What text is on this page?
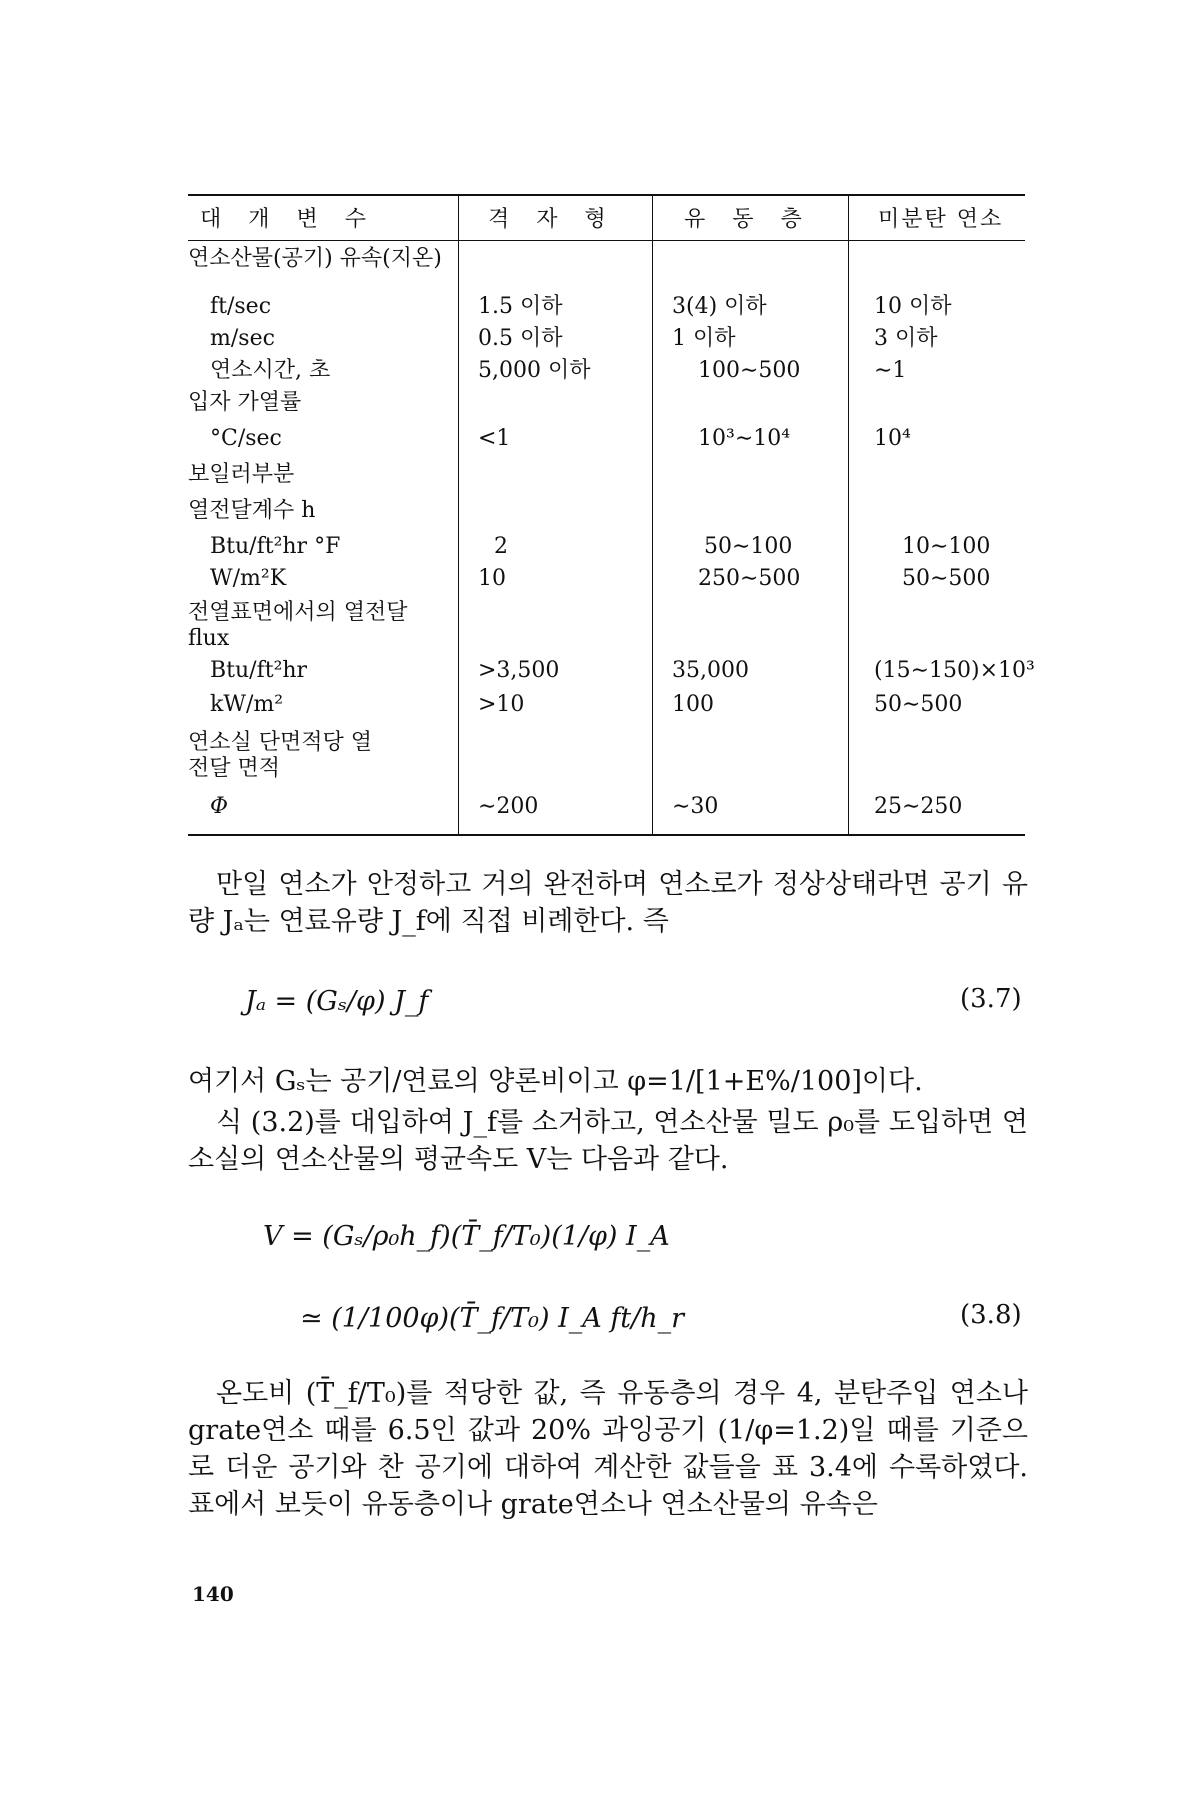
대 개 변 수	격 자 형	유 동 층	미분탄 연소
연소산물(공기) 유속(지온)
ft/sec	1.5 이하	3(4) 이하	10 이하
m/sec	0.5 이하	1 이하	3 이하
연소시간, 초	5,000 이하	100∼500	∼1
입자 가열률
°C/sec	<1	10³∼10⁴	10⁴
보일러부분
열전달계수 h
Btu/ft²hr °F	2	50∼100	10∼100
W/m²K	10	250∼500	50∼500
전열표면에서의 열전달 flux
Btu/ft²hr	>3,500	35,000	(15∼150)×10³
kW/m²	>10	100	50∼500
연소실 단면적당 열전달 면적
Φ	∼200	∼30	25∼250
만일 연소가 안정하고 거의 완전하며 연소로가 정상상태라면 공기 유량 Jₐ는 연료유량 J_f에 직접 비례한다. 즉
Jₐ = (Gₛ/φ) J_f	(3.7)
여기서 Gₛ는 공기/연료의 양론비이고 φ=1/[1+E%/100]이다.
식 (3.2)를 대입하여 J_f를 소거하고, 연소산물 밀도 ρ₀를 도입하면 연소실의 연소산물의 평균속도 V는 다음과 같다.
V = (Gₛ/ρ₀h_f)(T̄_f/T₀)(1/φ) I_A
≃ (1/100φ)(T̄_f/T₀) I_A ft/h_r	(3.8)
온도비 (T̄_f/T₀)를 적당한 값, 즉 유동층의 경우 4, 분탄주입 연소나 grate연소 때를 6.5인 값과 20% 과잉공기 (1/φ=1.2)일 때를 기준으로 더운 공기와 찬 공기에 대하여 계산한 값들을 표 3.4에 수록하였다. 표에서 보듯이 유동층이나 grate연소나 연소산물의 유속은
140
